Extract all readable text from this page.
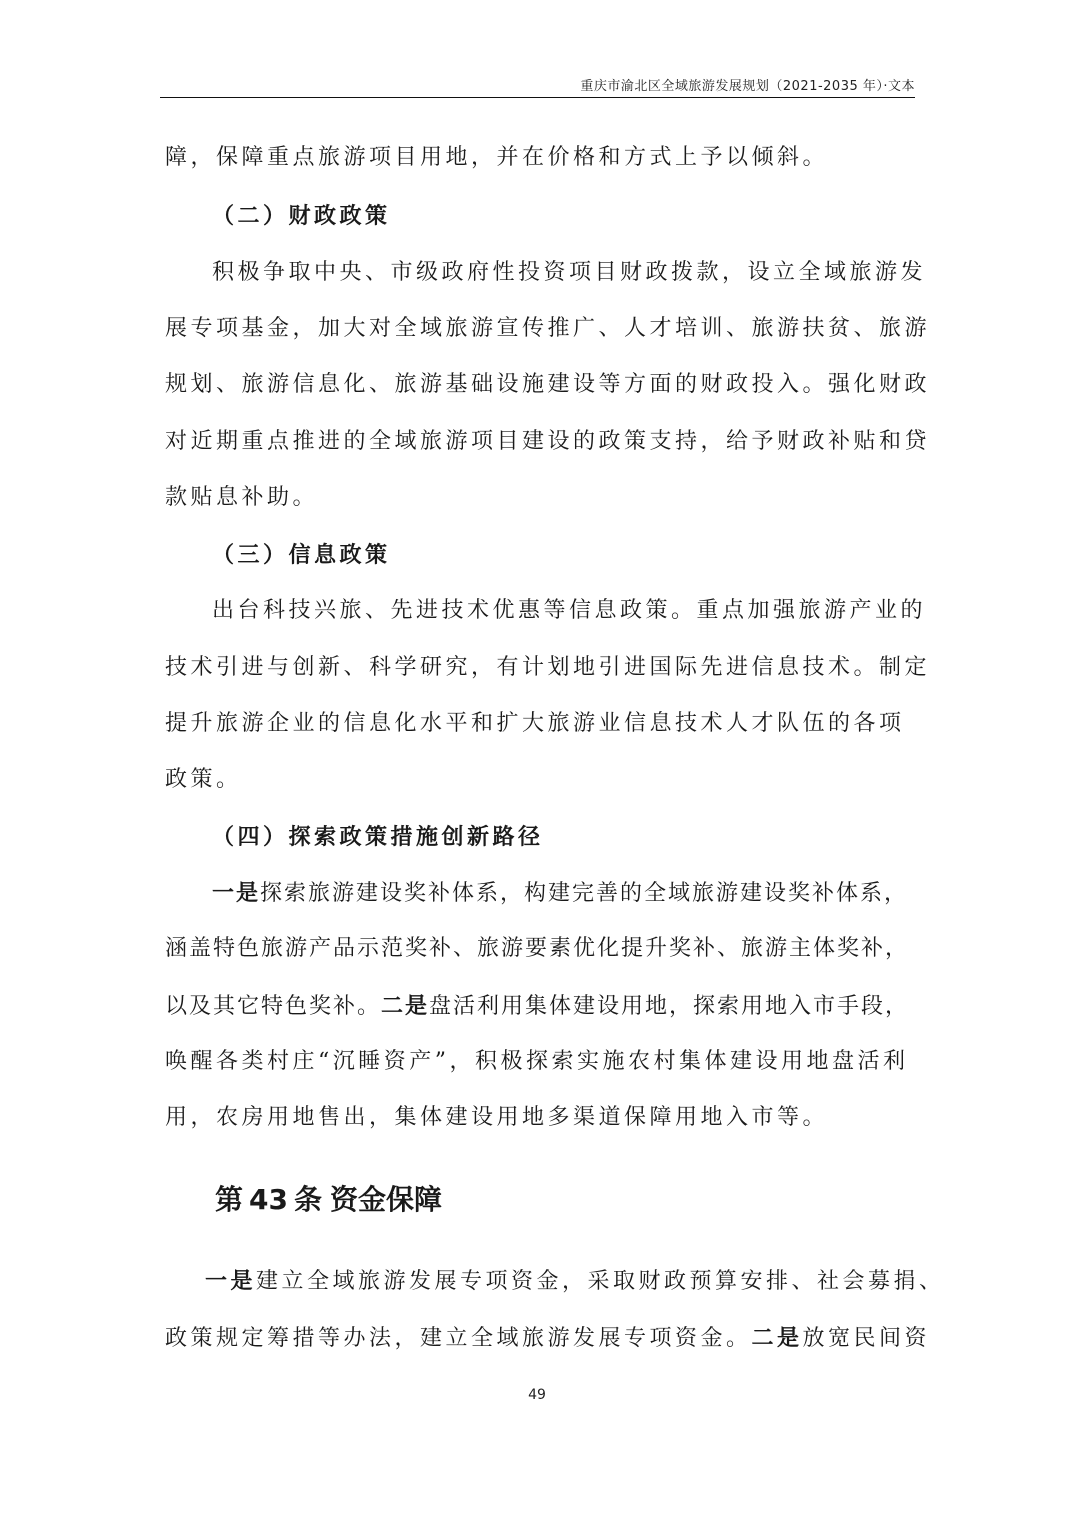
重庆市渝北区全域旅游发展规划（2021-2035 年）·文本
障，保障重点旅游项目用地，并在价格和方式上予以倾斜。
（二）财政政策
积极争取中央、市级政府性投资项目财政拨款，设立全域旅游发
展专项基金，加大对全域旅游宣传推广、人才培训、旅游扶贫、旅游
规划、旅游信息化、旅游基础设施建设等方面的财政投入。强化财政
对近期重点推进的全域旅游项目建设的政策支持，给予财政补贴和贷
款贴息补助。
（三）信息政策
出台科技兴旅、先进技术优惠等信息政策。重点加强旅游产业的
技术引进与创新、科学研究，有计划地引进国际先进信息技术。制定
提升旅游企业的信息化水平和扩大旅游业信息技术人才队伍的各项
政策。
（四）探索政策措施创新路径
一是探索旅游建设奖补体系，构建完善的全域旅游建设奖补体系，
涵盖特色旅游产品示范奖补、旅游要素优化提升奖补、旅游主体奖补，
以及其它特色奖补。二是盘活利用集体建设用地，探索用地入市手段，
唤醒各类村庄“沉睡资产”，积极探索实施农村集体建设用地盘活利
用，农房用地售出，集体建设用地多渠道保障用地入市等。
第 43 条 资金保障
一是建立全域旅游发展专项资金，采取财政预算安排、社会募捐、
政策规定筹措等办法，建立全域旅游发展专项资金。二是放宽民间资
49
